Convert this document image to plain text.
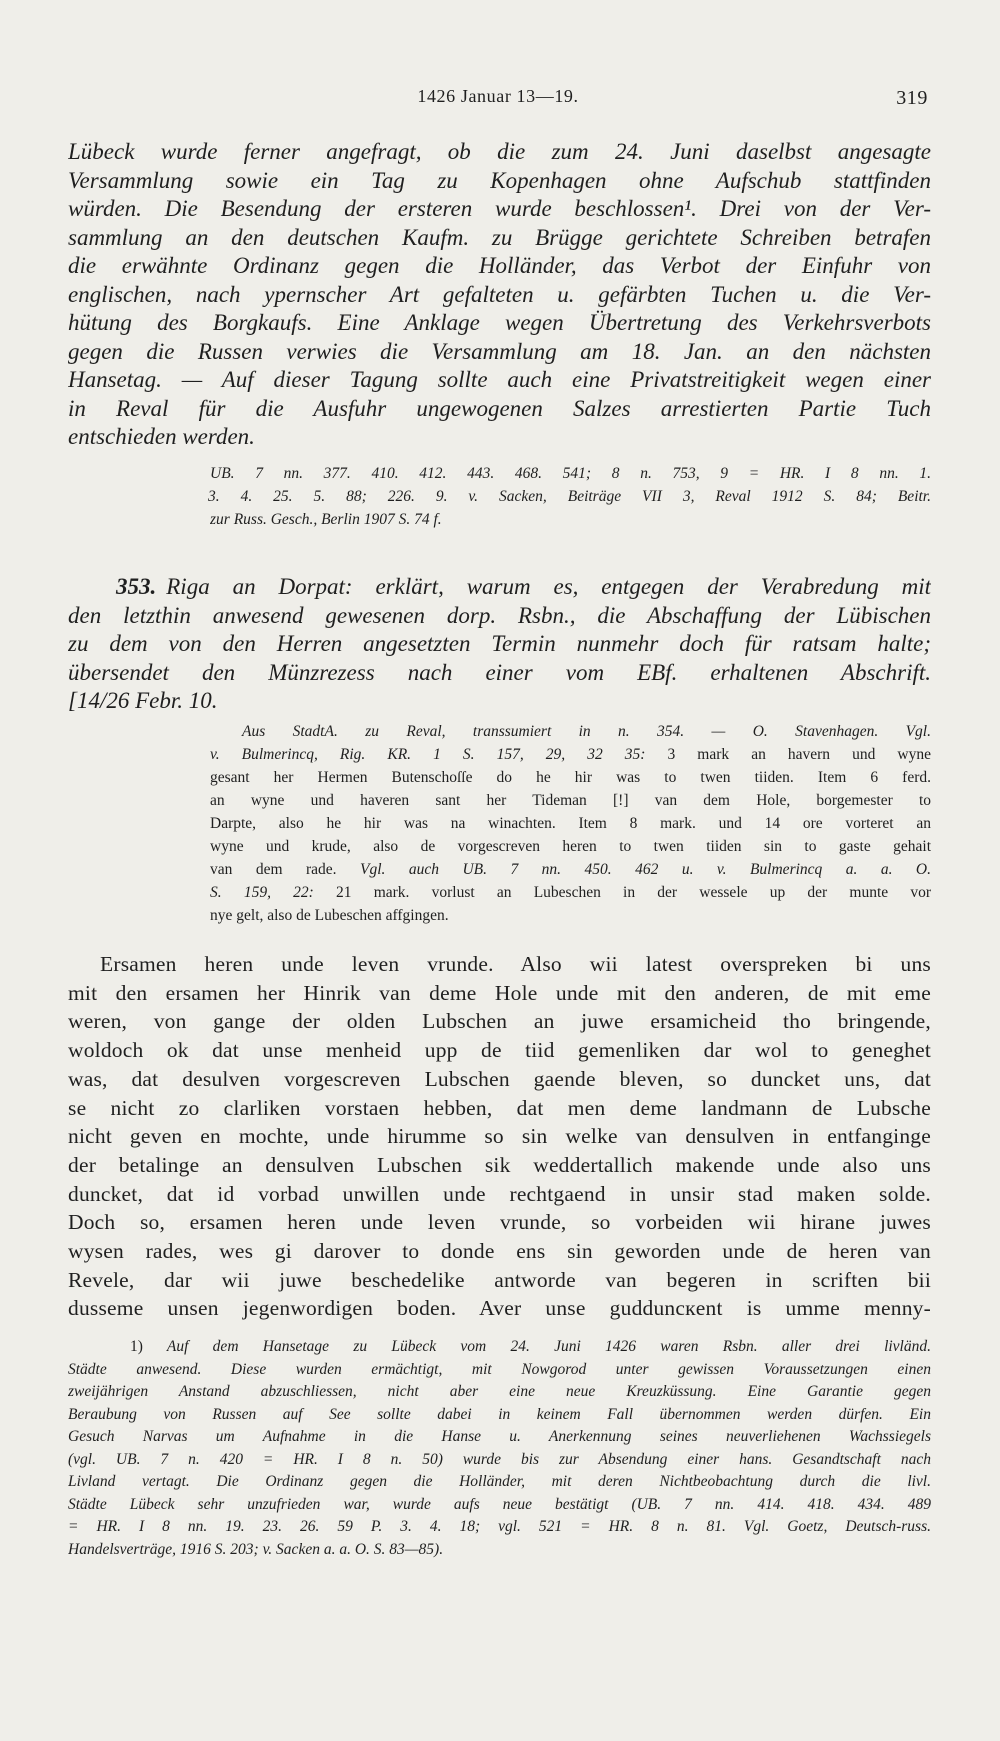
1426 Januar 13—19.	319
Lübeck wurde ferner angefragt, ob die zum 24. Juni daselbst angesagte
Versammlung sowie ein Tag zu Kopenhagen ohne Aufschub stattfinden
würden. Die Besendung der ersteren wurde beschlossen¹. Drei von der Ver-
sammlung an den deutschen Kaufm. zu Brügge gerichtete Schreiben betrafen
die erwähnte Ordinanz gegen die Holländer, das Verbot der Einfuhr von
englischen, nach ypernscher Art gefalteten u. gefärbten Tuchen u. die Ver-
hütung des Borgkaufs. Eine Anklage wegen Übertretung des Verkehrsverbots
gegen die Russen verwies die Versammlung am 18. Jan. an den nächsten
Hansetag. — Auf dieser Tagung sollte auch eine Privatstreitigkeit wegen einer
in Reval für die Ausfuhr ungewogenen Salzes arrestierten Partie Tuch
entschieden werden.
UB. 7 nn. 377. 410. 412. 443. 468. 541; 8 n. 753, 9 = HR. I 8 nn. 1.
3. 4. 25. 5. 88; 226. 9. v. Sacken, Beiträge VII 3, Reval 1912 S. 84; Beitr.
zur Russ. Gesch., Berlin 1907 S. 74 f.
353. Riga an Dorpat: erklärt, warum es, entgegen der Verabredung mit
den letzthin anwesend gewesenen dorp. Rsbn., die Abschaffung der Lübischen
zu dem von den Herren angesetzten Termin nunmehr doch für ratsam halte;
übersendet den Münzrezess nach einer vom EBf. erhaltenen Abschrift.
[14/26 Febr. 10.
Aus StadtA. zu Reval, transsumiert in n. 354. — O. Stavenhagen. Vgl.
v. Bulmerincq, Rig. KR. 1 S. 157, 29, 32 35: 3 mark an havern und wyne
gesant her Hermen Butenschoſſe do he hir was to twen tiiden. Item 6 ferd.
an wyne und haveren sant her Tideman [!] van dem Hole, borgemester to
Darpte, also he hir was na winachten. Item 8 mark. und 14 ore vorteret an
wyne und krude, also de vorgescreven heren to twen tiiden sin to gaste gehait
van dem rade. Vgl. auch UB. 7 nn. 450. 462 u. v. Bulmerincq a. a. O.
S. 159, 22: 21 mark. vorlust an Lubeschen in der wessele up der munte vor
nye gelt, also de Lubeschen affgingen.
Ersamen heren unde leven vrunde. Also wii latest overspreken bi uns
mit den ersamen her Hinrik van deme Hole unde mit den anderen, de mit eme
weren, von gange der olden Lubschen an juwe ersamicheid tho bringende,
woldoch ok dat unse menheid upp de tiid gemenliken dar wol to geneghet
was, dat desulven vorgescreven Lubschen gaende bleven, so duncket uns, dat
se nicht zo clarliken vorstaen hebben, dat men deme landmann de Lubsche
nicht geven en mochte, unde hirumme so sin welke van densulven in entfanginge
der betalinge an densulven Lubschen sik weddertallich makende unde also uns
duncket, dat id vorbad unwillen unde rechtgaend in unsir stad maken solde.
Doch so, ersamen heren unde leven vrunde, so vorbeiden wii hirane juwes
wysen rades, wes gi darover to donde ens sin geworden unde de heren van
Revele, dar wii juwe beschedelike antworde van begeren in scriften bii
dusseme unsen jegenwordigen boden. Aver unse gudduncкent is umme menny-
1) Auf dem Hansetage zu Lübeck vom 24. Juni 1426 waren Rsbn. aller drei livländ.
Städte anwesend. Diese wurden ermächtigt, mit Nowgorod unter gewissen Voraussetzungen einen
zweijährigen Anstand abzuschliessen, nicht aber eine neue Kreuzküssung. Eine Garantie gegen
Beraubung von Russen auf See sollte dabei in keinem Fall übernommen werden dürfen. Ein
Gesuch Narvas um Aufnahme in die Hanse u. Anerkennung seines neuverliehenen Wachssiegels
(vgl. UB. 7 n. 420 = HR. I 8 n. 50) wurde bis zur Absendung einer hans. Gesandtschaft nach
Livland vertagt. Die Ordinanz gegen die Holländer, mit deren Nichtbeobachtung durch die livl.
Städte Lübeck sehr unzufrieden war, wurde aufs neue bestätigt (UB. 7 nn. 414. 418. 434. 489
= HR. I 8 nn. 19. 23. 26. 59 P. 3. 4. 18; vgl. 521 = HR. 8 n. 81. Vgl. Goetz, Deutsch-russ.
Handelsverträge, 1916 S. 203; v. Sacken a. a. O. S. 83—85).
